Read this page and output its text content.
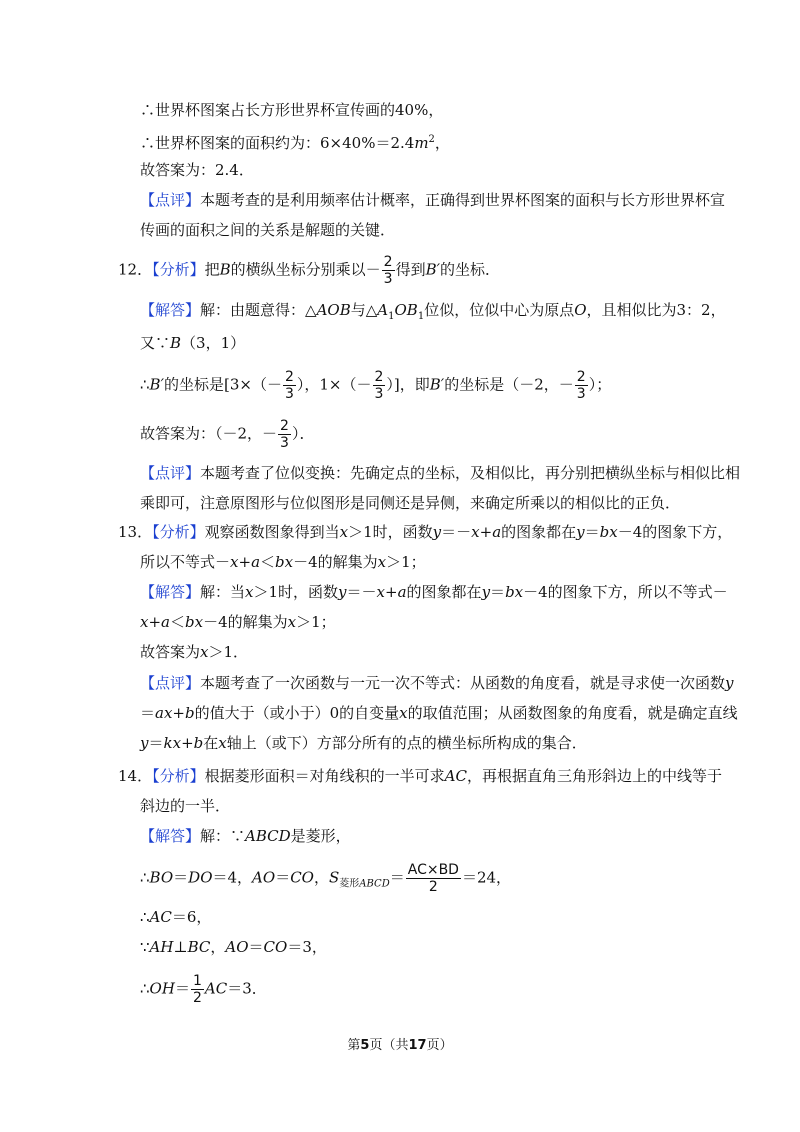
∴世界杯图案占长方形世界杯宣传画的40%，
∴世界杯图案的面积约为：$6\times 40\%=2.4m^2$，
故答案为：2.4．
【点评】本题考查的是利用频率估计概率，正确得到世界杯图案的面积与长方形世界杯宣
传画的面积之间的关系是解题的关键．
12．【分析】把B的横纵坐标分别乘以－ $\frac{2}{3}$ 得到B′的坐标．
【解答】解：由题意得：△AOB与$\triangle A_1OB_1$位似，位似中心为原点O，且相似比为3：2，
又∵B（3，1）
∴B′的坐标是[$3\times(- \frac{2}{3}$ ），$1\times(- \frac{2}{3}$ ）]，即B′的坐标是（－2，－ $\frac{2}{3}$ ）；
故答案为：（－2，－ $\frac{2}{3}$ ）．
【点评】本题考查了位似变换：先确定点的坐标，及相似比，再分别把横纵坐标与相似比相
乘即可，注意原图形与位似图形是同侧还是异侧，来确定所乘以的相似比的正负．
13．【分析】观察函数图象得到当x＞1时，函数y＝－x+a的图象都在y＝bx－4的图象下方，
所以不等式－x+a＜bx－4的解集为x＞1；
【解答】解：当x＞1时，函数y＝－x+a的图象都在y＝bx－4的图象下方，所以不等式－
x+a＜bx－4的解集为x＞1；
故答案为x＞1．
【点评】本题考查了一次函数与一元一次不等式：从函数的角度看，就是寻求使一次函数y
＝ax+b的值大于（或小于）0的自变量x的取值范围；从函数图象的角度看，就是确定直线
y＝kx+b在x轴上（或下）方部分所有的点的横坐标所构成的集合．
14．【分析】根据菱形面积＝对角线积的一半可求AC，再根据直角三角形斜边上的中线等于
斜边的一半．
【解答】解：∵ABCD是菱形，
∴BO＝DO＝4，AO＝CO，$S_{菱形ABCD}= \frac{AC\times BD}{2} =24$，
∴AC＝6，
∵AH⊥BC，AO＝CO＝3，
∴OH＝ $\frac{1}{2} AC=3$．
第5页（共17页）
